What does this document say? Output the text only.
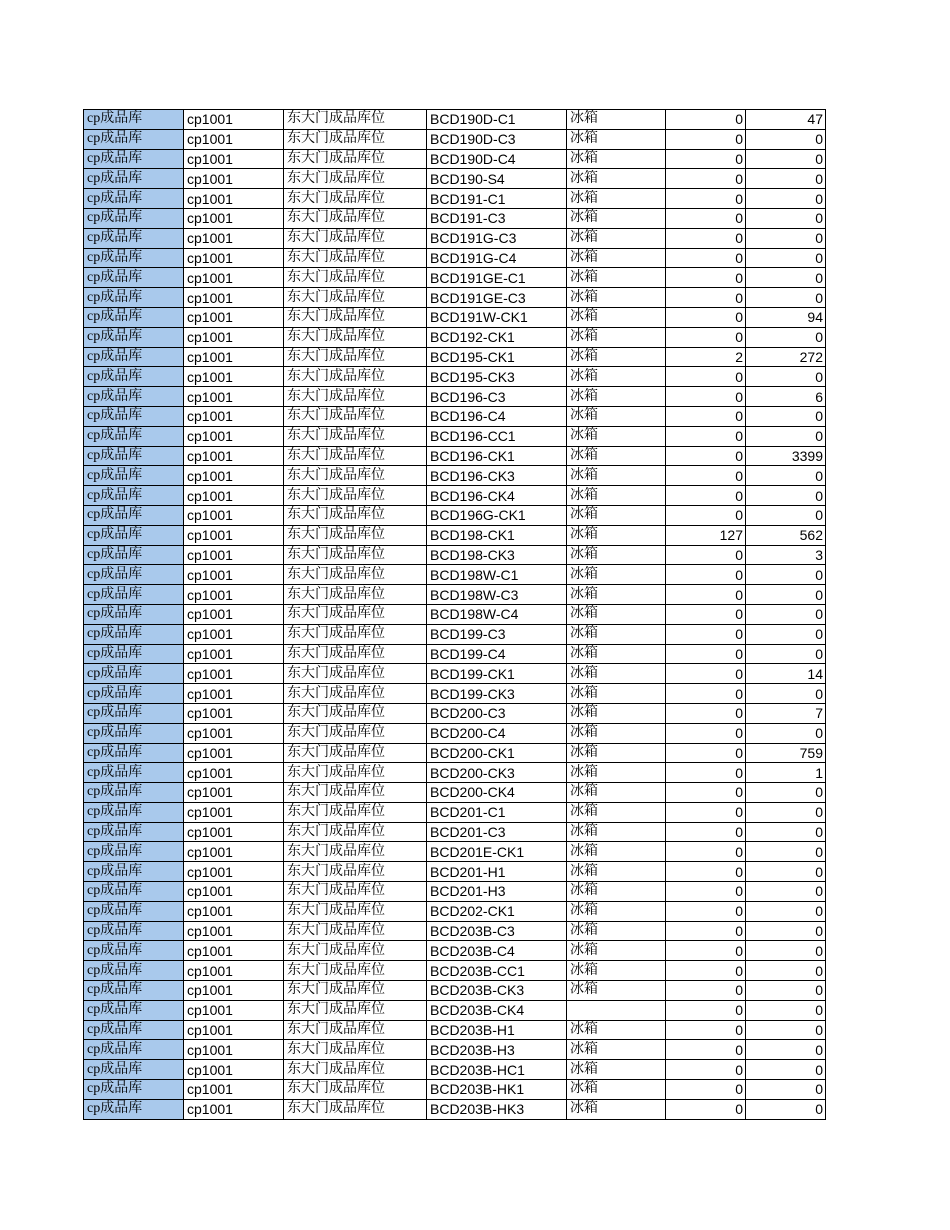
cp成品库	cp1001	东大门成品库位	BCD190D-C1	冰箱	0	47
cp成品库	cp1001	东大门成品库位	BCD190D-C3	冰箱	0	0
cp成品库	cp1001	东大门成品库位	BCD190D-C4	冰箱	0	0
cp成品库	cp1001	东大门成品库位	BCD190-S4	冰箱	0	0
cp成品库	cp1001	东大门成品库位	BCD191-C1	冰箱	0	0
cp成品库	cp1001	东大门成品库位	BCD191-C3	冰箱	0	0
cp成品库	cp1001	东大门成品库位	BCD191G-C3	冰箱	0	0
cp成品库	cp1001	东大门成品库位	BCD191G-C4	冰箱	0	0
cp成品库	cp1001	东大门成品库位	BCD191GE-C1	冰箱	0	0
cp成品库	cp1001	东大门成品库位	BCD191GE-C3	冰箱	0	0
cp成品库	cp1001	东大门成品库位	BCD191W-CK1	冰箱	0	94
cp成品库	cp1001	东大门成品库位	BCD192-CK1	冰箱	0	0
cp成品库	cp1001	东大门成品库位	BCD195-CK1	冰箱	2	272
cp成品库	cp1001	东大门成品库位	BCD195-CK3	冰箱	0	0
cp成品库	cp1001	东大门成品库位	BCD196-C3	冰箱	0	6
cp成品库	cp1001	东大门成品库位	BCD196-C4	冰箱	0	0
cp成品库	cp1001	东大门成品库位	BCD196-CC1	冰箱	0	0
cp成品库	cp1001	东大门成品库位	BCD196-CK1	冰箱	0	3399
cp成品库	cp1001	东大门成品库位	BCD196-CK3	冰箱	0	0
cp成品库	cp1001	东大门成品库位	BCD196-CK4	冰箱	0	0
cp成品库	cp1001	东大门成品库位	BCD196G-CK1	冰箱	0	0
cp成品库	cp1001	东大门成品库位	BCD198-CK1	冰箱	127	562
cp成品库	cp1001	东大门成品库位	BCD198-CK3	冰箱	0	3
cp成品库	cp1001	东大门成品库位	BCD198W-C1	冰箱	0	0
cp成品库	cp1001	东大门成品库位	BCD198W-C3	冰箱	0	0
cp成品库	cp1001	东大门成品库位	BCD198W-C4	冰箱	0	0
cp成品库	cp1001	东大门成品库位	BCD199-C3	冰箱	0	0
cp成品库	cp1001	东大门成品库位	BCD199-C4	冰箱	0	0
cp成品库	cp1001	东大门成品库位	BCD199-CK1	冰箱	0	14
cp成品库	cp1001	东大门成品库位	BCD199-CK3	冰箱	0	0
cp成品库	cp1001	东大门成品库位	BCD200-C3	冰箱	0	7
cp成品库	cp1001	东大门成品库位	BCD200-C4	冰箱	0	0
cp成品库	cp1001	东大门成品库位	BCD200-CK1	冰箱	0	759
cp成品库	cp1001	东大门成品库位	BCD200-CK3	冰箱	0	1
cp成品库	cp1001	东大门成品库位	BCD200-CK4	冰箱	0	0
cp成品库	cp1001	东大门成品库位	BCD201-C1	冰箱	0	0
cp成品库	cp1001	东大门成品库位	BCD201-C3	冰箱	0	0
cp成品库	cp1001	东大门成品库位	BCD201E-CK1	冰箱	0	0
cp成品库	cp1001	东大门成品库位	BCD201-H1	冰箱	0	0
cp成品库	cp1001	东大门成品库位	BCD201-H3	冰箱	0	0
cp成品库	cp1001	东大门成品库位	BCD202-CK1	冰箱	0	0
cp成品库	cp1001	东大门成品库位	BCD203B-C3	冰箱	0	0
cp成品库	cp1001	东大门成品库位	BCD203B-C4	冰箱	0	0
cp成品库	cp1001	东大门成品库位	BCD203B-CC1	冰箱	0	0
cp成品库	cp1001	东大门成品库位	BCD203B-CK3	冰箱	0	0
cp成品库	cp1001	东大门成品库位	BCD203B-CK4		0	0
cp成品库	cp1001	东大门成品库位	BCD203B-H1	冰箱	0	0
cp成品库	cp1001	东大门成品库位	BCD203B-H3	冰箱	0	0
cp成品库	cp1001	东大门成品库位	BCD203B-HC1	冰箱	0	0
cp成品库	cp1001	东大门成品库位	BCD203B-HK1	冰箱	0	0
cp成品库	cp1001	东大门成品库位	BCD203B-HK3	冰箱	0	0
